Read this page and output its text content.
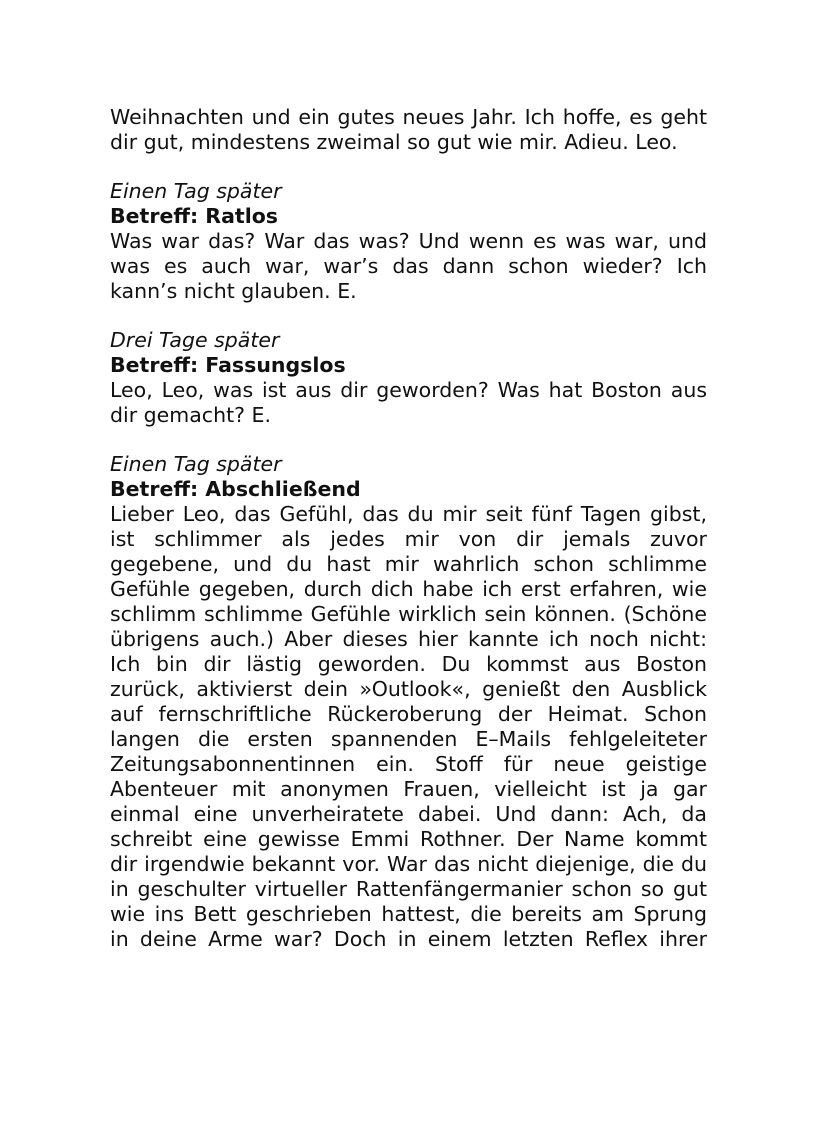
Weihnachten und ein gutes neues Jahr. Ich hoffe, es geht dir gut, mindestens zweimal so gut wie mir. Adieu. Leo.

Einen Tag später

Betreff: Ratlos

Was war das? War das was? Und wenn es was war, und was es auch war, war’s das dann schon wieder? Ich kann’s nicht glauben. E.

Drei Tage später

Betreff: Fassungslos

Leo, Leo, was ist aus dir geworden? Was hat Boston aus dir gemacht? E.

Einen Tag später

Betreff: Abschließend

Lieber Leo, das Gefühl, das du mir seit fünf Tagen gibst, ist schlimmer als jedes mir von dir jemals zuvor gegebene, und du hast mir wahrlich schon schlimme Gefühle gegeben, durch dich habe ich erst erfahren, wie schlimm schlimme Gefühle wirklich sein können. (Schöne übrigens auch.) Aber dieses hier kannte ich noch nicht: Ich bin dir lästig geworden. Du kommst aus Boston zurück, aktivierst dein »Outlook«, genießt den Ausblick auf fernschriftliche Rückeroberung der Heimat. Schon langen die ersten spannenden E–Mails fehlgeleiteter Zeitungsabonnentinnen ein. Stoff für neue geistige Abenteuer mit anonymen Frauen, vielleicht ist ja gar einmal eine unverheiratete dabei. Und dann: Ach, da schreibt eine gewisse Emmi Rothner. Der Name kommt dir irgendwie bekannt vor. War das nicht diejenige, die du in geschulter virtueller Rattenfängermanier schon so gut wie ins Bett geschrieben hattest, die bereits am Sprung in deine Arme war? Doch in einem letzten Reflex ihrer
